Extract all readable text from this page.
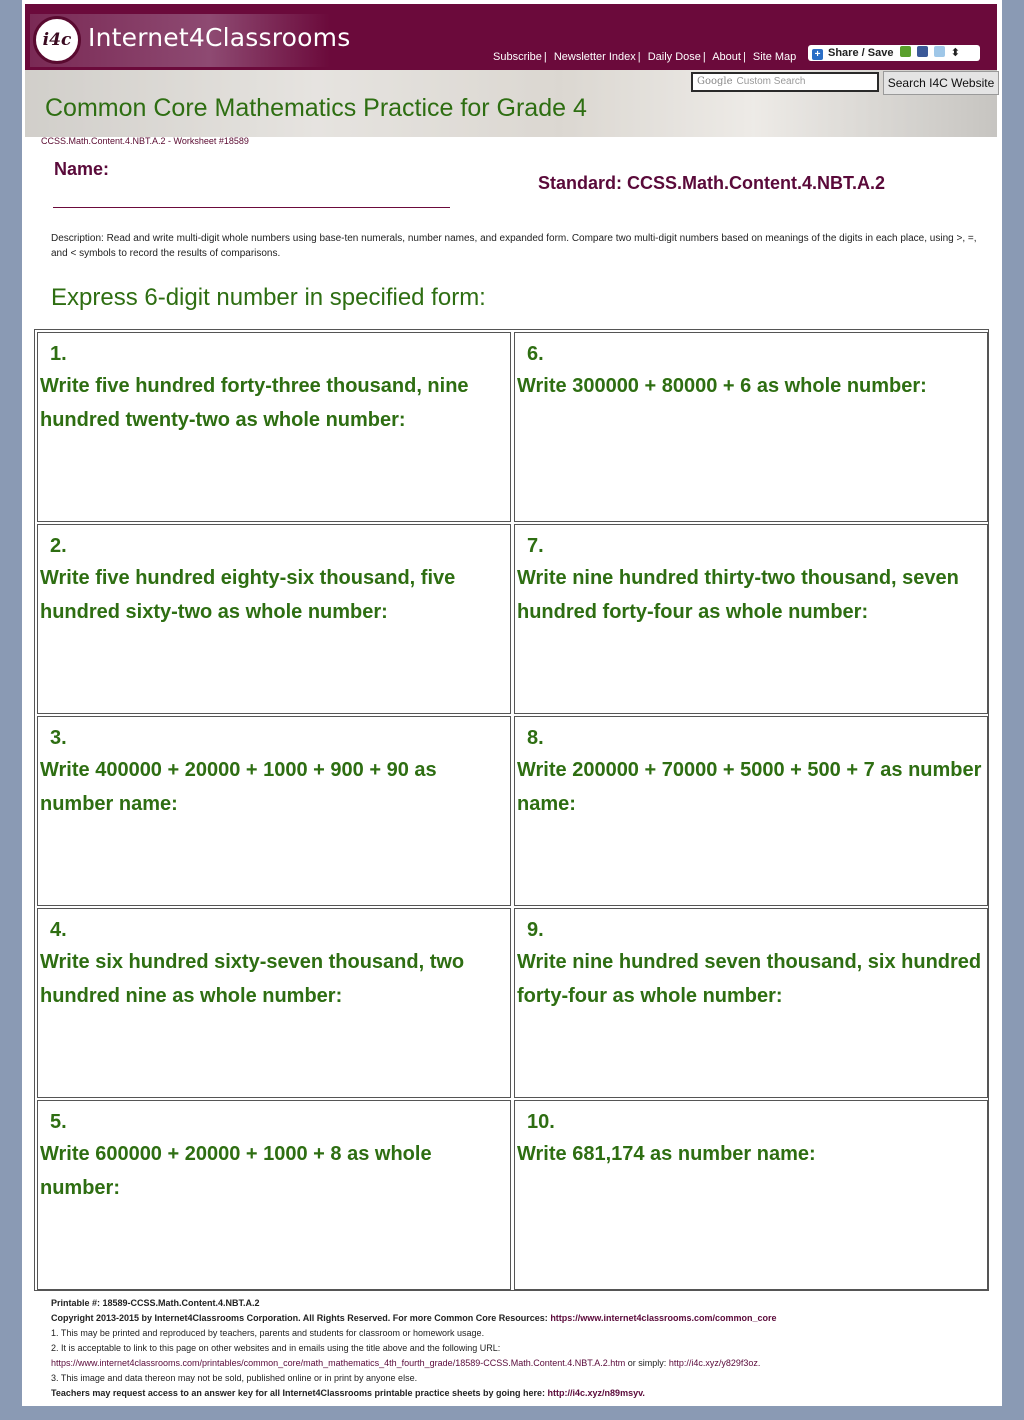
i4c Internet4Classrooms
Subscribe | Newsletter Index | Daily Dose | About | Site Map	+ Share / Save	⬍
Google Custom Search	Search I4C Website
Common Core Mathematics Practice for Grade 4
CCSS.Math.Content.4.NBT.A.2 - Worksheet #18589
Name:
Standard: CCSS.Math.Content.4.NBT.A.2
Description: Read and write multi-digit whole numbers using base-ten numerals, number names, and expanded form. Compare two multi-digit numbers based on meanings of the digits in each place, using >, =, and < symbols to record the results of comparisons.
Express 6-digit number in specified form:
1.
Write five hundred forty-three thousand, nine hundred twenty-two as whole number:
6.
Write 300000 + 80000 + 6 as whole number:
2.
Write five hundred eighty-six thousand, five hundred sixty-two as whole number:
7.
Write nine hundred thirty-two thousand, seven hundred forty-four as whole number:
3.
Write 400000 + 20000 + 1000 + 900 + 90 as number name:
8.
Write 200000 + 70000 + 5000 + 500 + 7 as number name:
4.
Write six hundred sixty-seven thousand, two hundred nine as whole number:
9.
Write nine hundred seven thousand, six hundred forty-four as whole number:
5.
Write 600000 + 20000 + 1000 + 8 as whole number:
10.
Write 681,174 as number name:
Printable #: 18589-CCSS.Math.Content.4.NBT.A.2
Copyright 2013-2015 by Internet4Classrooms Corporation. All Rights Reserved. For more Common Core Resources: https://www.internet4classrooms.com/common_core
1. This may be printed and reproduced by teachers, parents and students for classroom or homework usage.
2. It is acceptable to link to this page on other websites and in emails using the title above and the following URL:
https://www.internet4classrooms.com/printables/common_core/math_mathematics_4th_fourth_grade/18589-CCSS.Math.Content.4.NBT.A.2.htm or simply: http://i4c.xyz/y829f3oz.
3. This image and data thereon may not be sold, published online or in print by anyone else.
Teachers may request access to an answer key for all Internet4Classrooms printable practice sheets by going here: http://i4c.xyz/n89msyv.
